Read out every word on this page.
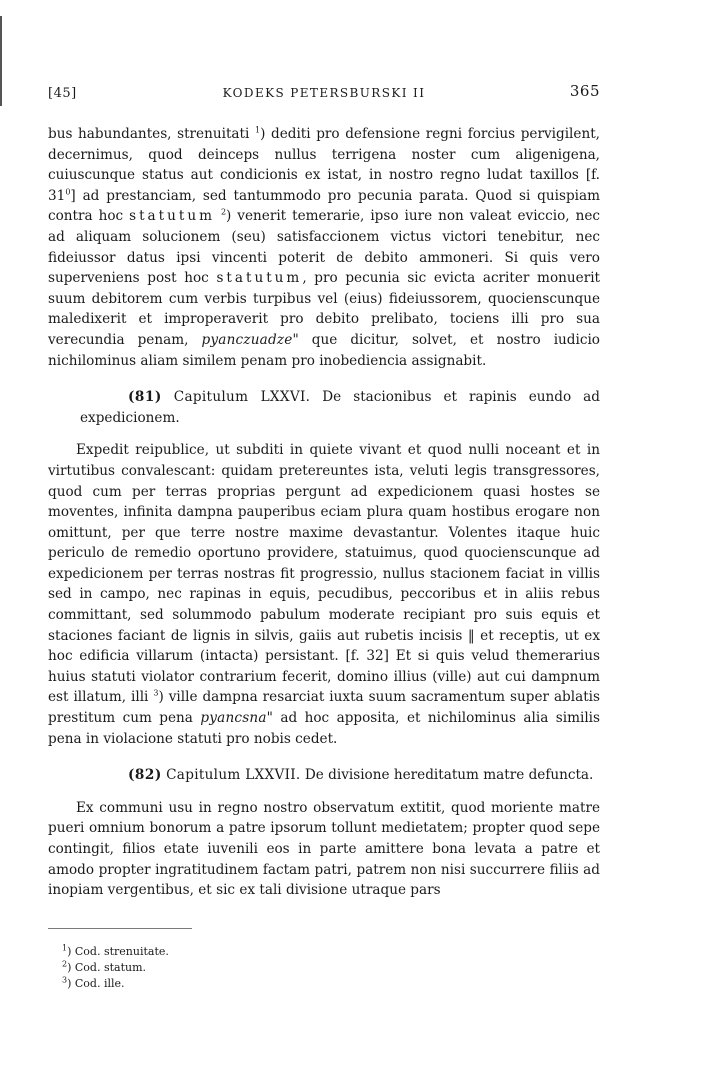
[45]	KODEKS PETERSBURSKI II	365

bus habundantes, strenuitati $^1$) dediti pro defensione regni forcius pervigilent, decernimus, quod deinceps nullus terrigena noster cum aligenigena, cuiuscunque status aut condicionis ex istat, in nostro regno ludat taxillos [f. $31^0$] ad prestanciam, sed tantummodo pro pecunia parata. Quod si quispiam contra hoc statutum $^2$) venerit temerarie, ipso iure non valeat eviccio, nec ad aliquam solucionem (seu) satisfaccionem victus victori tenebitur, nec fideiussor datus ipsi vincenti poterit de debito ammoneri. Si quis vero superveniens post hoc statutum, pro pecunia sic evicta acriter monuerit suum debitorem cum verbis turpibus vel (eius) fideiussorem, quocienscunque maledixerit et improperaverit pro debito prelibato, tociens illi pro sua verecundia penam, pyanczuadze" que dicitur, solvet, et nostro iudicio nichilominus aliam similem penam pro inobediencia assignabit.

(81) Capitulum LXXVI. De stacionibus et rapinis eundo ad expedicionem.

Expedit reipublice, ut subditi in quiete vivant et quod nulli noceant et in virtutibus convalescant: quidam pretereuntes ista, veluti legis transgressores, quod cum per terras proprias pergunt ad expedicionem quasi hostes se moventes, infinita dampna pauperibus eciam plura quam hostibus erogare non omittunt, per que terre nostre maxime devastantur. Volentes itaque huic periculo de remedio oportuno providere, statuimus, quod quocienscunque ad expedicionem per terras nostras fit progressio, nullus stacionem faciat in villis sed in campo, nec rapinas in equis, pecudibus, peccoribus et in aliis rebus committant, sed solummodo pabulum moderate recipiant pro suis equis et staciones faciant de lignis in silvis, gaiis aut rubetis incisis ‖ et receptis, ut ex hoc edificia villarum (intacta) persistant. [f. 32] Et si quis velud themerarius huius statuti violator contrarium fecerit, domino illius (ville) aut cui dampnum est illatum, illi $^3$) ville dampna resarciat iuxta suum sacramentum super ablatis prestitum cum pena pyancsna" ad hoc apposita, et nichilominus alia similis pena in violacione statuti pro nobis cedet.

(82) Capitulum LXXVII. De divisione hereditatum matre defuncta.

Ex communi usu in regno nostro observatum extitit, quod moriente matre pueri omnium bonorum a patre ipsorum tollunt medietatem; propter quod sepe contingit, filios etate iuvenili eos in parte amittere bona levata a patre et amodo propter ingratitudinem factam patri, patrem non nisi succurrere filiis ad inopiam vergentibus, et sic ex tali divisione utraque pars

$^1$) Cod. strenuitate.
$^2$) Cod. statum.
$^3$) Cod. ille.
